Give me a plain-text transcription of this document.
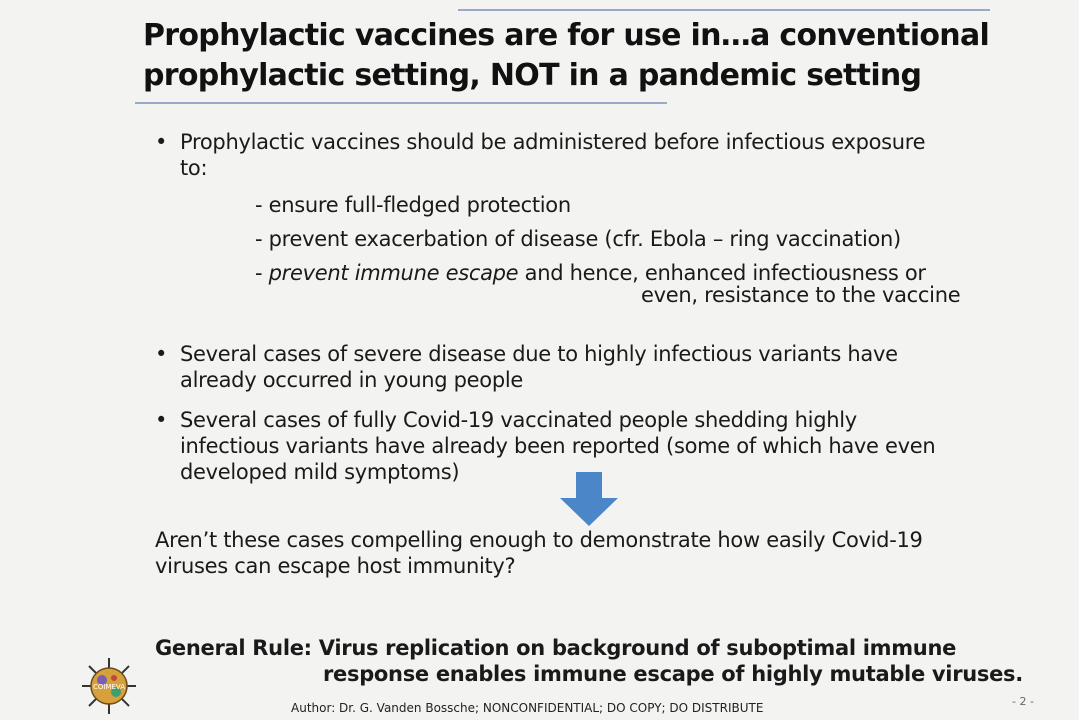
Prophylactic vaccines are for use in…a conventional
prophylactic setting, NOT in a pandemic setting
• Prophylactic vaccines should be administered before infectious exposure
to:
- ensure full-fledged protection
- prevent exacerbation of disease (cfr. Ebola – ring vaccination)
- prevent immune escape and hence, enhanced infectiousness or
even, resistance to the vaccine
• Several cases of severe disease due to highly infectious variants have
already occurred in young people
• Several cases of fully Covid-19 vaccinated people shedding highly
infectious variants have already been reported (some of which have even
developed mild symptoms)
Aren’t these cases compelling enough to demonstrate how easily Covid-19
viruses can escape host immunity?
General Rule: Virus replication on background of suboptimal immune
response enables immune escape of highly mutable viruses.
COIMEVA
Author: Dr. G. Vanden Bossche; NONCONFIDENTIAL; DO COPY; DO DISTRIBUTE	- 2 -
